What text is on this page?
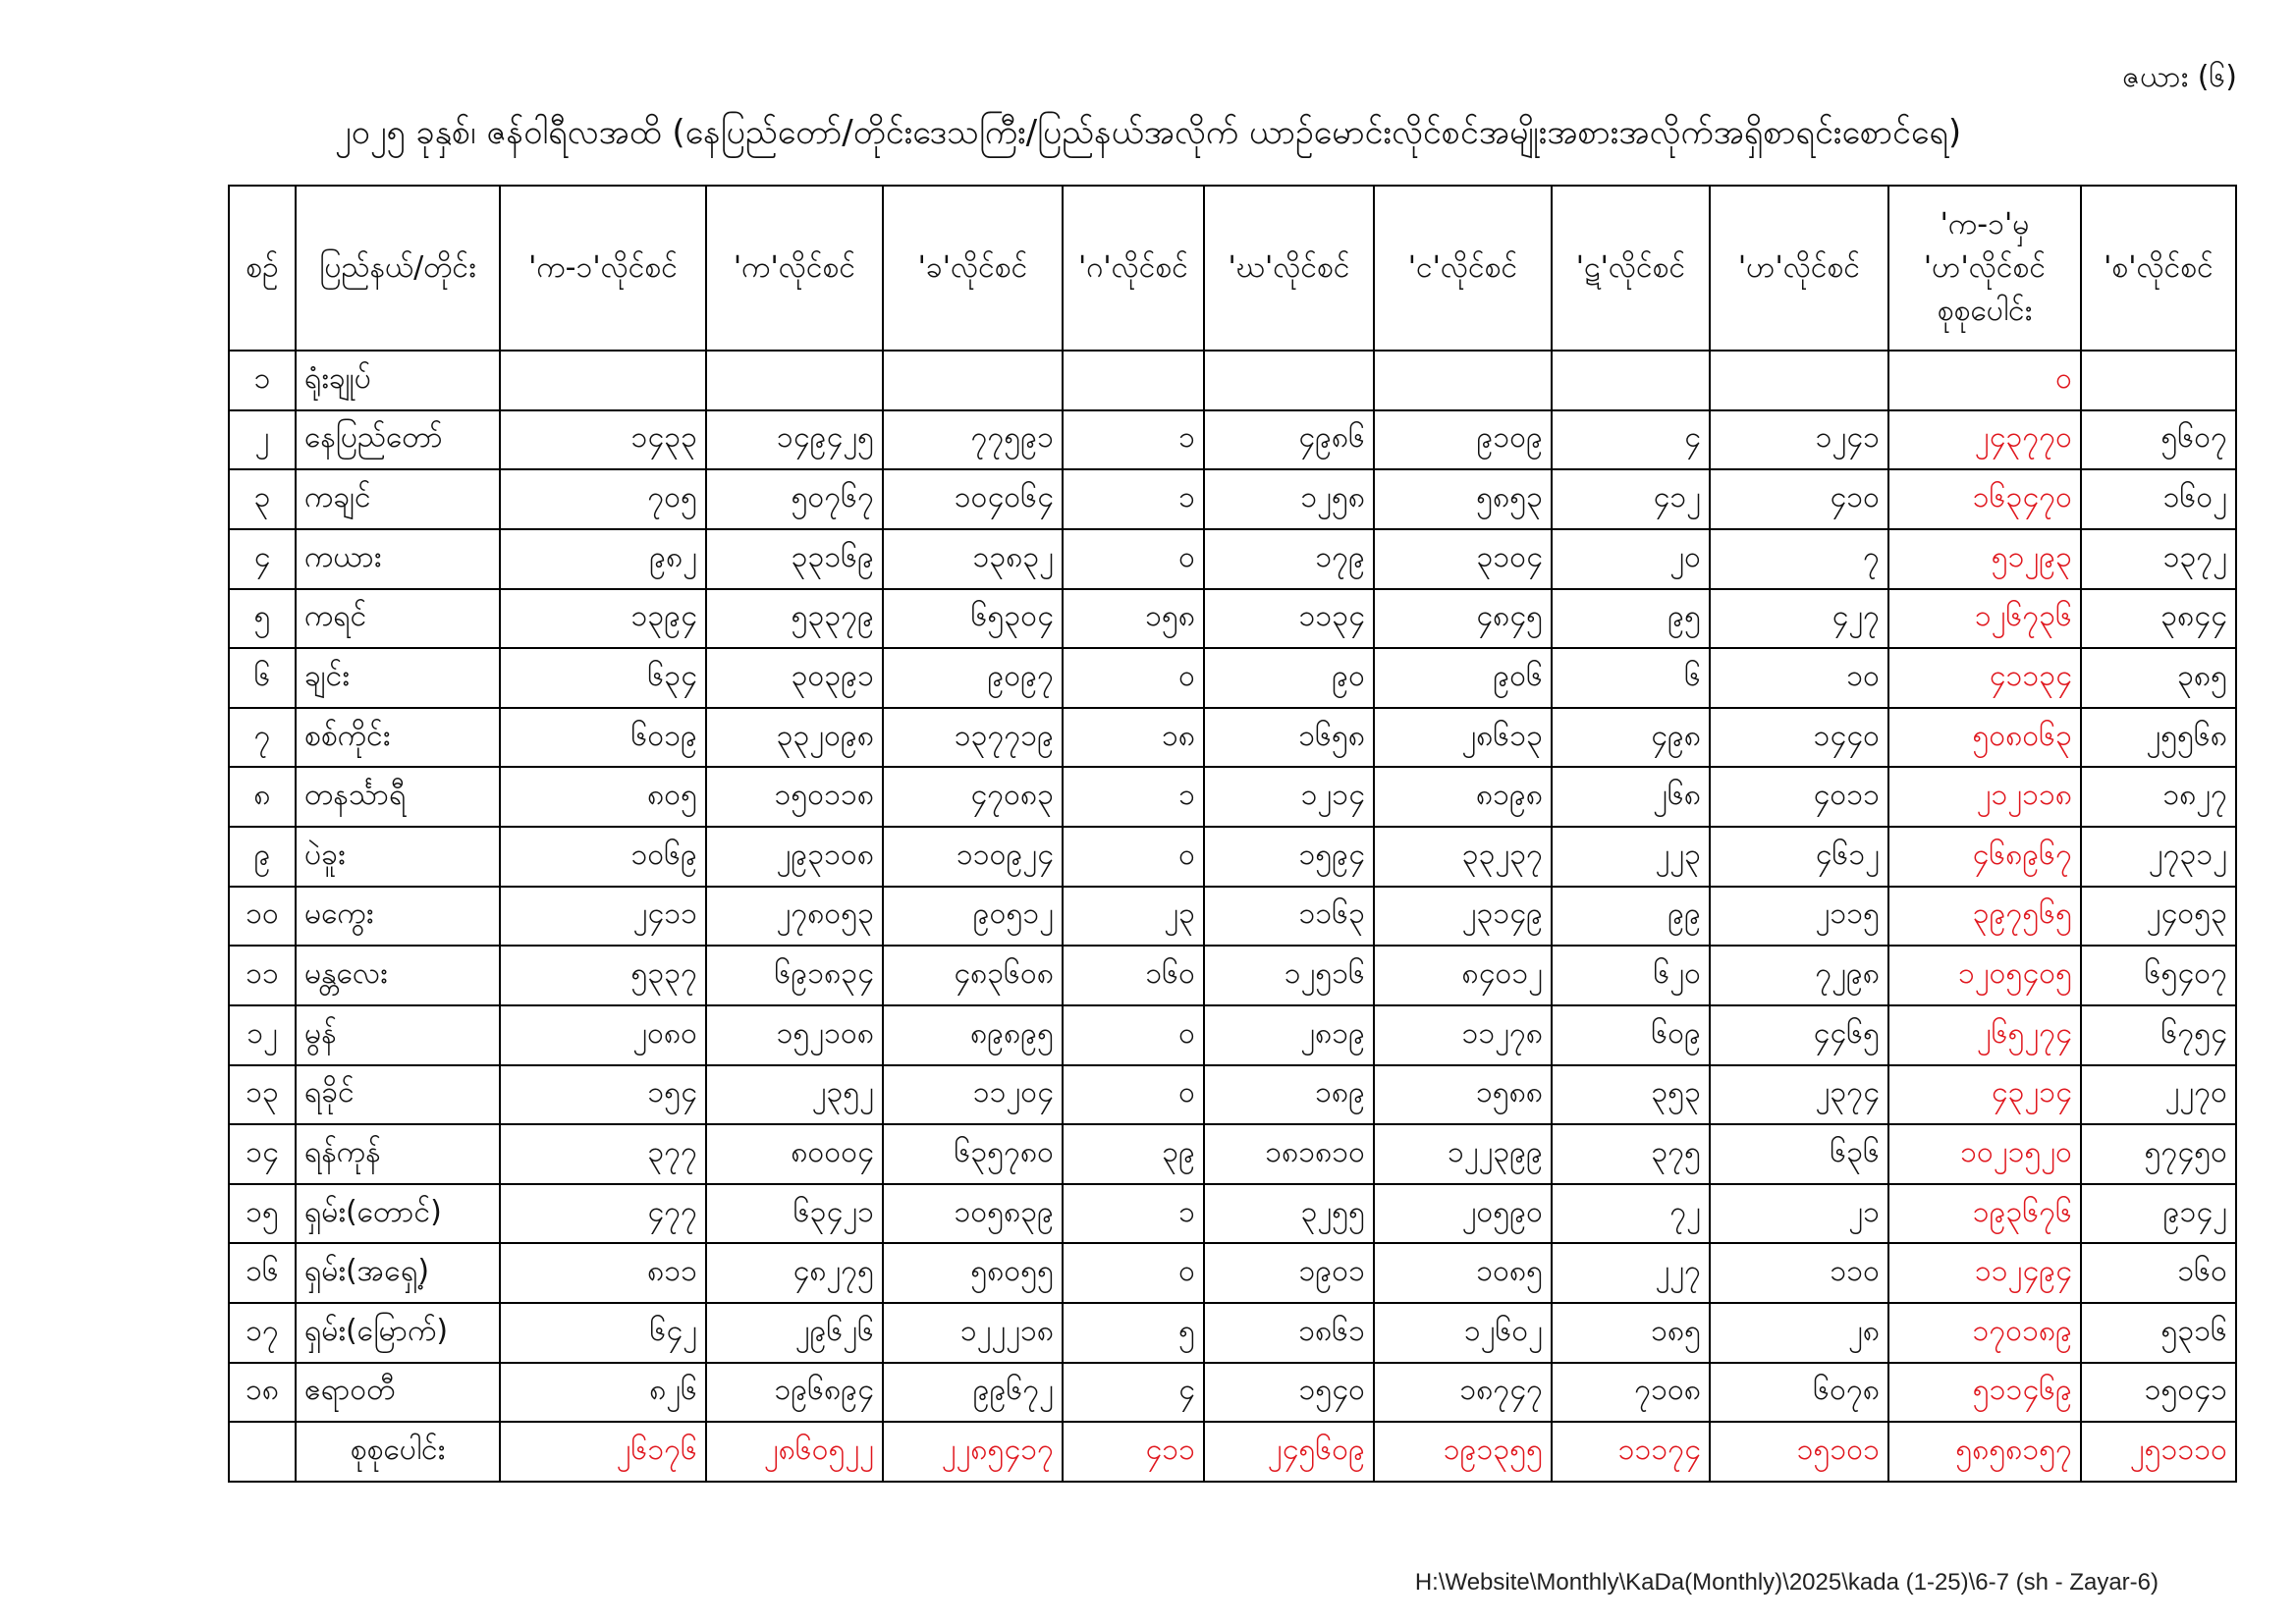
ဇယား (၆)
၂၀၂၅ ခုနှစ်၊ ဇန်ဝါရီလအထိ (နေပြည်တော်/တိုင်းဒေသကြီး/ပြည်နယ်အလိုက် ယာဉ်မောင်းလိုင်စင်အမျိုးအစားအလိုက်အရှိစာရင်းစောင်ရေ)
စဉ်	ပြည်နယ်/တိုင်း	'က-၁'လိုင်စင်	'က'လိုင်စင်	'ခ'လိုင်စင်	'ဂ'လိုင်စင်	'ဃ'လိုင်စင်	'င'လိုင်စင်	'ဋ'လိုင်စင်	'ဟ'လိုင်စင်	'က-၁'မှ 'ဟ'လိုင်စင် စုစုပေါင်း	'စ'လိုင်စင်
၁	ရုံးချုပ်									၀	
၂	နေပြည်တော်	၁၄၃၃	၁၄၉၄၂၅	၇၇၅၉၁	၁	၄၉၈၆	၉၁၀၉	၄	၁၂၄၁	၂၄၃၇၇၀	၅၆၀၇
၃	ကချင်	၇၀၅	၅၀၇၆၇	၁၀၄၀၆၄	၁	၁၂၅၈	၅၈၅၃	၄၁၂	၄၁၀	၁၆၃၄၇၀	၁၆၀၂
၄	ကယား	၉၈၂	၃၃၁၆၉	၁၃၈၃၂	၀	၁၇၉	၃၁၀၄	၂၀	၇	၅၁၂၉၃	၁၃၇၂
၅	ကရင်	၁၃၉၄	၅၃၃၇၉	၆၅၃၀၄	၁၅၈	၁၁၃၄	၄၈၄၅	၉၅	၄၂၇	၁၂၆၇၃၆	၃၈၄၄
၆	ချင်း	၆၃၄	၃၀၃၉၁	၉၀၉၇	၀	၉၀	၉၀၆	၆	၁၀	၄၁၁၃၄	၃၈၅
၇	စစ်ကိုင်း	၆၀၁၉	၃၃၂၀၉၈	၁၃၇၇၁၉	၁၈	၁၆၅၈	၂၈၆၁၃	၄၉၈	၁၄၄၀	၅၀၈၀၆၃	၂၅၅၆၈
၈	တနင်္သာရီ	၈၀၅	၁၅၀၁၁၈	၄၇၀၈၃	၁	၁၂၁၄	၈၁၉၈	၂၆၈	၄၀၁၁	၂၁၂၁၁၈	၁၈၂၇
၉	ပဲခူး	၁၀၆၉	၂၉၃၁၀၈	၁၁၀၉၂၄	၀	၁၅၉၄	၃၃၂၃၇	၂၂၃	၄၆၁၂	၄၆၈၉၆၇	၂၇၃၁၂
၁၀	မကွေး	၂၄၁၁	၂၇၈၀၅၃	၉၀၅၁၂	၂၃	၁၁၆၃	၂၃၁၄၉	၉၉	၂၁၁၅	၃၉၇၅၆၅	၂၄၀၅၃
၁၁	မန္တလေး	၅၃၃၇	၆၉၁၈၃၄	၄၈၃၆၀၈	၁၆၀	၁၂၅၁၆	၈၄၀၁၂	၆၂၀	၇၂၉၈	၁၂၀၅၄၀၅	၆၅၄၀၇
၁၂	မွန်	၂၀၈၀	၁၅၂၁၀၈	၈၉၈၉၅	၀	၂၈၁၉	၁၁၂၇၈	၆၀၉	၄၄၆၅	၂၆၅၂၇၄	၆၇၅၄
၁၃	ရခိုင်	၁၅၄	၂၃၅၂	၁၁၂၀၄	၀	၁၈၉	၁၅၈၈	၃၅၃	၂၃၇၄	၄၃၂၁၄	၂၂၇၀
၁၄	ရန်ကုန်	၃၇၇	၈၀၀၀၄	၆၃၅၇၈၀	၃၉	၁၈၁၈၁၀	၁၂၂၃၉၉	၃၇၅	၆၃၆	၁၀၂၁၅၂၀	၅၇၄၅၀
၁၅	ရှမ်း(တောင်)	၄၇၇	၆၃၄၂၁	၁၀၅၈၃၉	၁	၃၂၅၅	၂၀၅၉၀	၇၂	၂၁	၁၉၃၆၇၆	၉၁၄၂
၁၆	ရှမ်း(အရှေ့)	၈၁၁	၄၈၂၇၅	၅၈၀၅၅	၀	၁၉၀၁	၁၀၈၅	၂၂၇	၁၁၀	၁၁၂၄၉၄	၁၆၀
၁၇	ရှမ်း(မြောက်)	၆၄၂	၂၉၆၂၆	၁၂၂၂၁၈	၅	၁၈၆၁	၁၂၆၀၂	၁၈၅	၂၈	၁၇၀၁၈၉	၅၃၁၆
၁၈	ဧရာဝတီ	၈၂၆	၁၉၆၈၉၄	၉၉၆၇၂	၄	၁၅၄၀	၁၈၇၄၇	၇၁၀၈	၆၀၇၈	၅၁၁၄၆၉	၁၅၀၄၁
	စုစုပေါင်း	၂၆၁၇၆	၂၈၆၀၅၂၂	၂၂၈၅၄၁၇	၄၁၁	၂၄၅၆၀၉	၁၉၁၃၅၅	၁၁၁၇၄	၁၅၁၀၁	၅၈၅၈၁၅၇	၂၅၁၁၁၀
H:\Website\Monthly\KaDa(Monthly)\2025\kada (1-25)\6-7 (sh - Zayar-6)
